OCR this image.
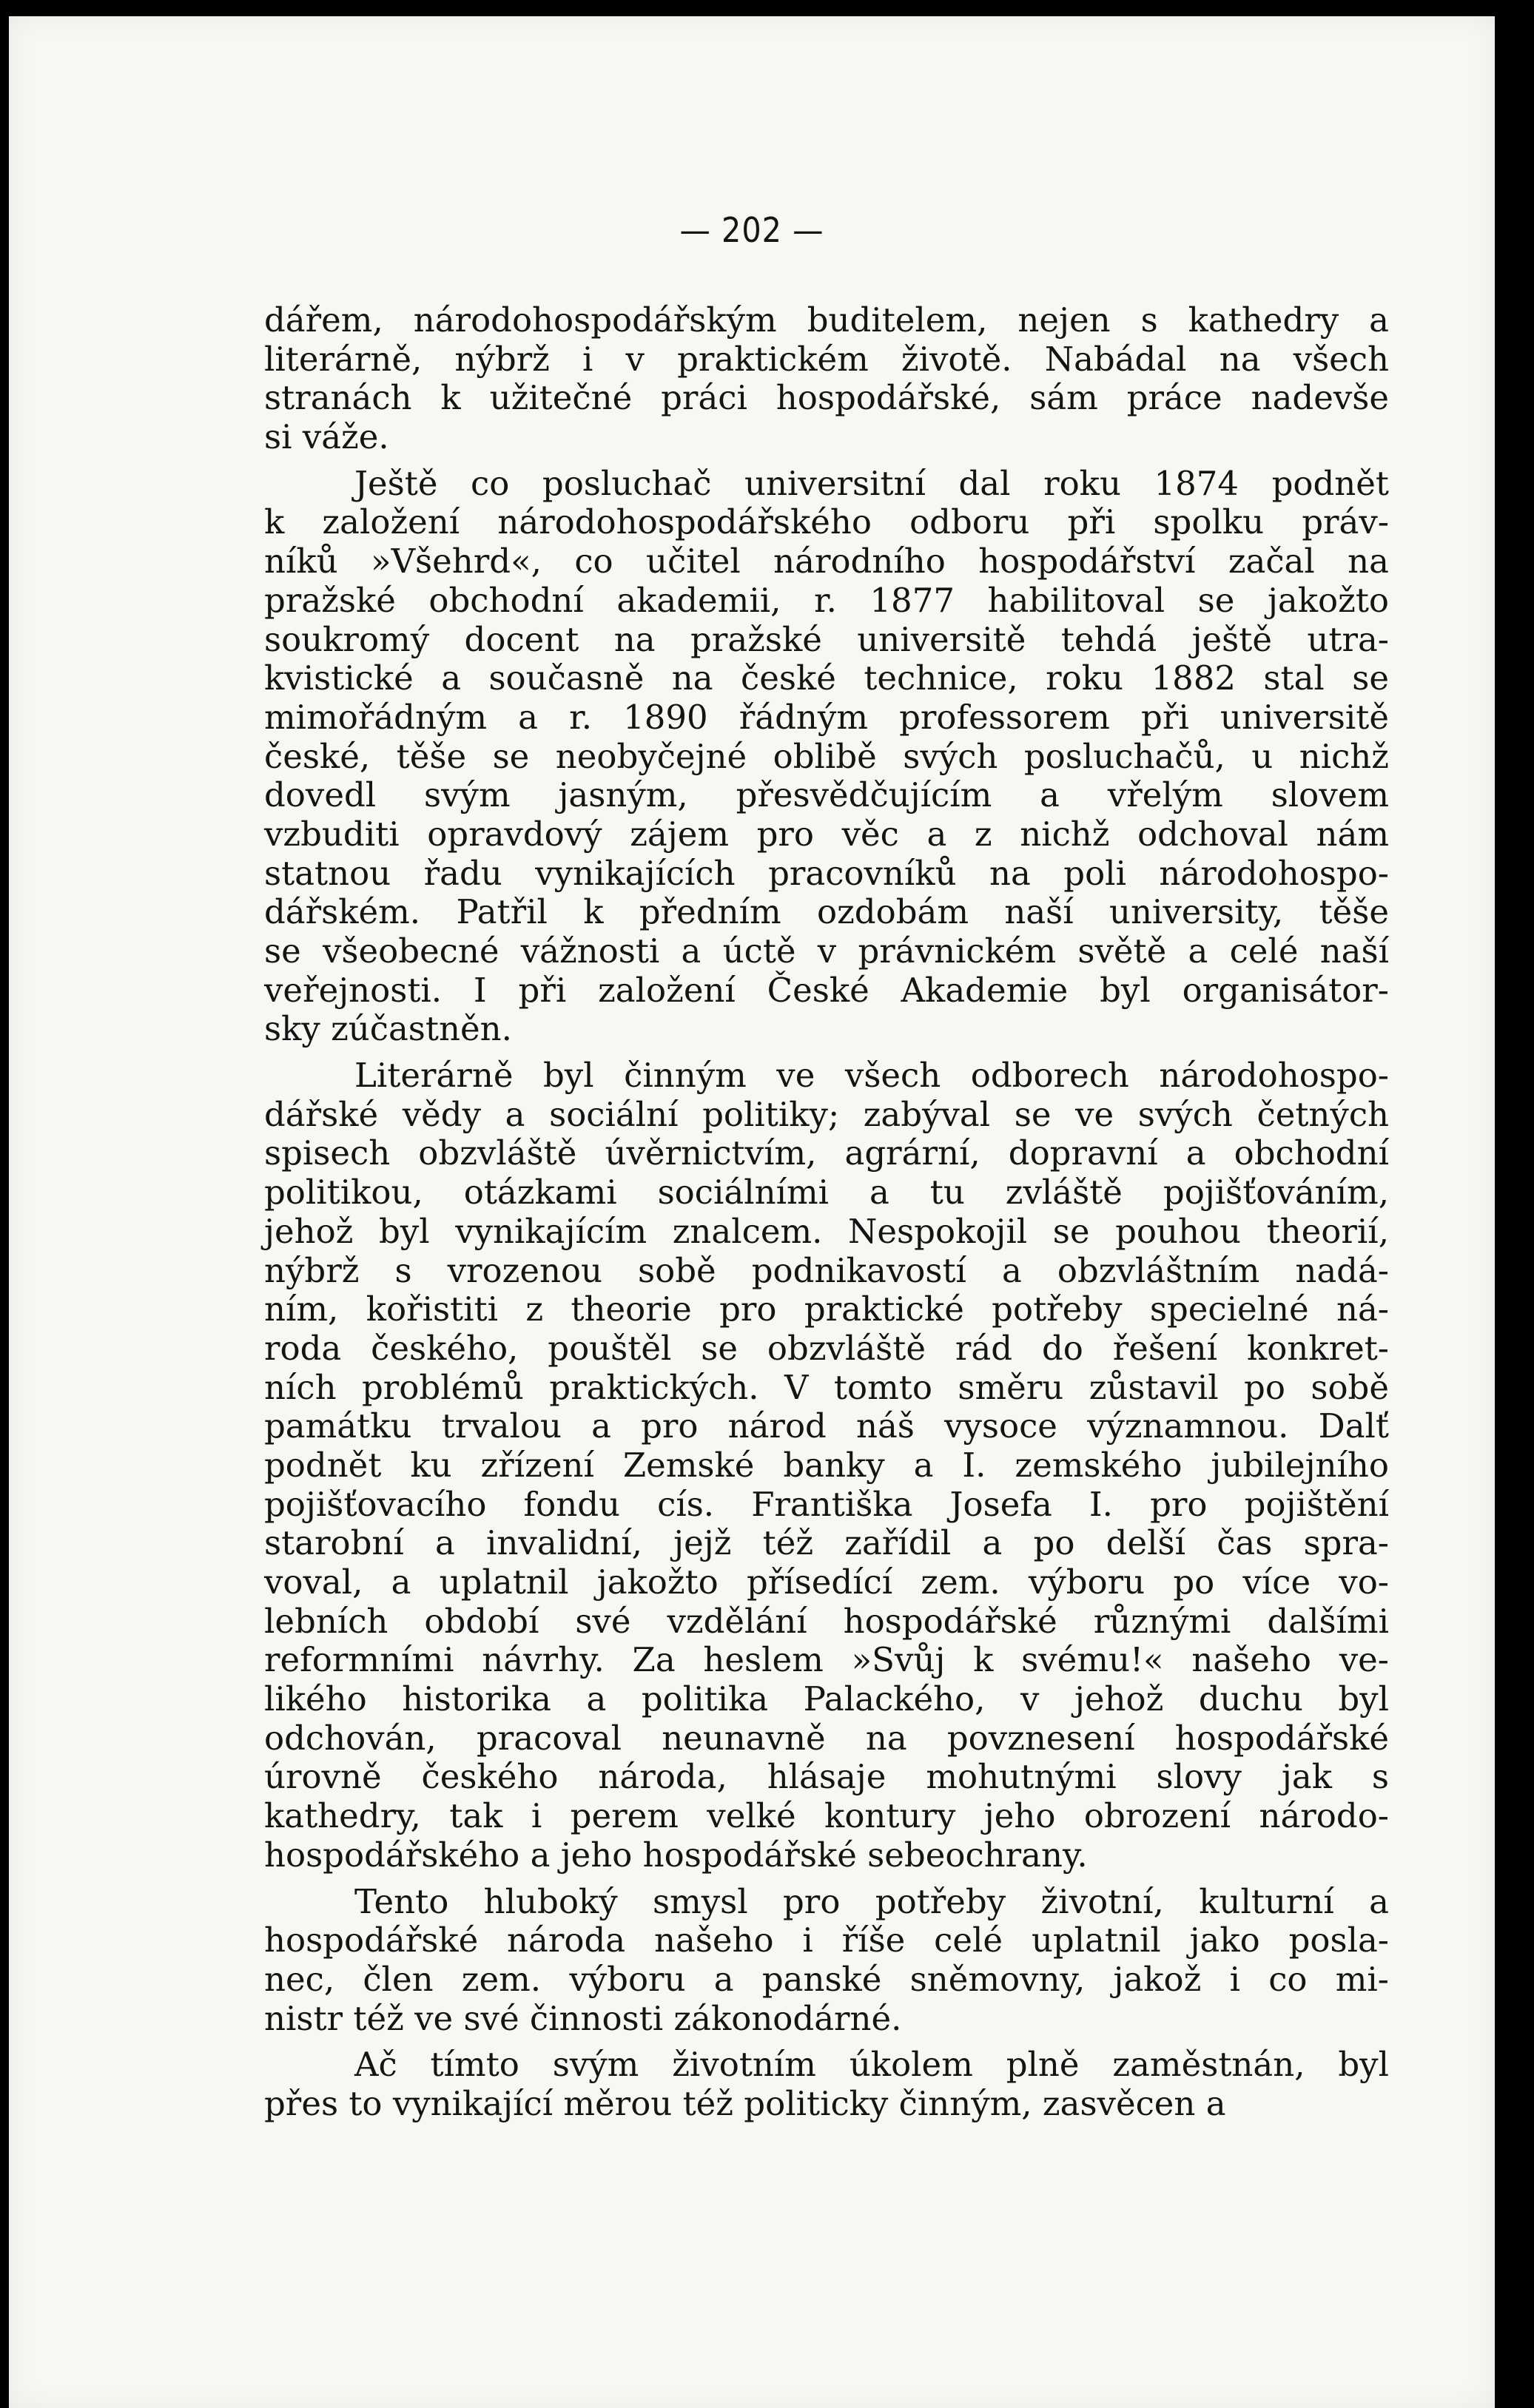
— 202 —
dářem, národohospodářským buditelem, nejen s kathedry a
literárně, nýbrž i v praktickém životě. Nabádal na všech
stranách k užitečné práci hospodářské, sám práce nadevše
si váže.
Ještě co posluchač universitní dal roku 1874 podnět
k založení národohospodářského odboru při spolku práv-
níků »Všehrd«, co učitel národního hospodářství začal na
pražské obchodní akademii, r. 1877 habilitoval se jakožto
soukromý docent na pražské universitě tehdá ještě utra-
kvistické a současně na české technice, roku 1882 stal se
mimořádným a r. 1890 řádným professorem při universitě
české, těše se neobyčejné oblibě svých posluchačů, u nichž
dovedl svým jasným, přesvědčujícím a vřelým slovem
vzbuditi opravdový zájem pro věc a z nichž odchoval nám
statnou řadu vynikajících pracovníků na poli národohospo-
dářském. Patřil k předním ozdobám naší university, těše
se všeobecné vážnosti a úctě v právnickém světě a celé naší
veřejnosti. I při založení České Akademie byl organisátor-
sky zúčastněn.
Literárně byl činným ve všech odborech národohospo-
dářské vědy a sociální politiky; zabýval se ve svých četných
spisech obzvláště úvěrnictvím, agrární, dopravní a obchodní
politikou, otázkami sociálními a tu zvláště pojišťováním,
jehož byl vynikajícím znalcem. Nespokojil se pouhou theorií,
nýbrž s vrozenou sobě podnikavostí a obzvláštním nadá-
ním, kořistiti z theorie pro praktické potřeby specielné ná-
roda českého, pouštěl se obzvláště rád do řešení konkret-
ních problémů praktických. V tomto směru zůstavil po sobě
památku trvalou a pro národ náš vysoce významnou. Dalť
podnět ku zřízení Zemské banky a I. zemského jubilejního
pojišťovacího fondu cís. Františka Josefa I. pro pojištění
starobní a invalidní, jejž též zařídil a po delší čas spra-
voval, a uplatnil jakožto přísedící zem. výboru po více vo-
lebních období své vzdělání hospodářské různými dalšími
reformními návrhy. Za heslem »Svůj k svému!« našeho ve-
likého historika a politika Palackého, v jehož duchu byl
odchován, pracoval neunavně na povznesení hospodářské
úrovně českého národa, hlásaje mohutnými slovy jak s
kathedry, tak i perem velké kontury jeho obrození národo-
hospodářského a jeho hospodářské sebeochrany.
Tento hluboký smysl pro potřeby životní, kulturní a
hospodářské národa našeho i říše celé uplatnil jako posla-
nec, člen zem. výboru a panské sněmovny, jakož i co mi-
nistr též ve své činnosti zákonodárné.
Ač tímto svým životním úkolem plně zaměstnán, byl
přes to vynikající měrou též politicky činným, zasvěcen a
